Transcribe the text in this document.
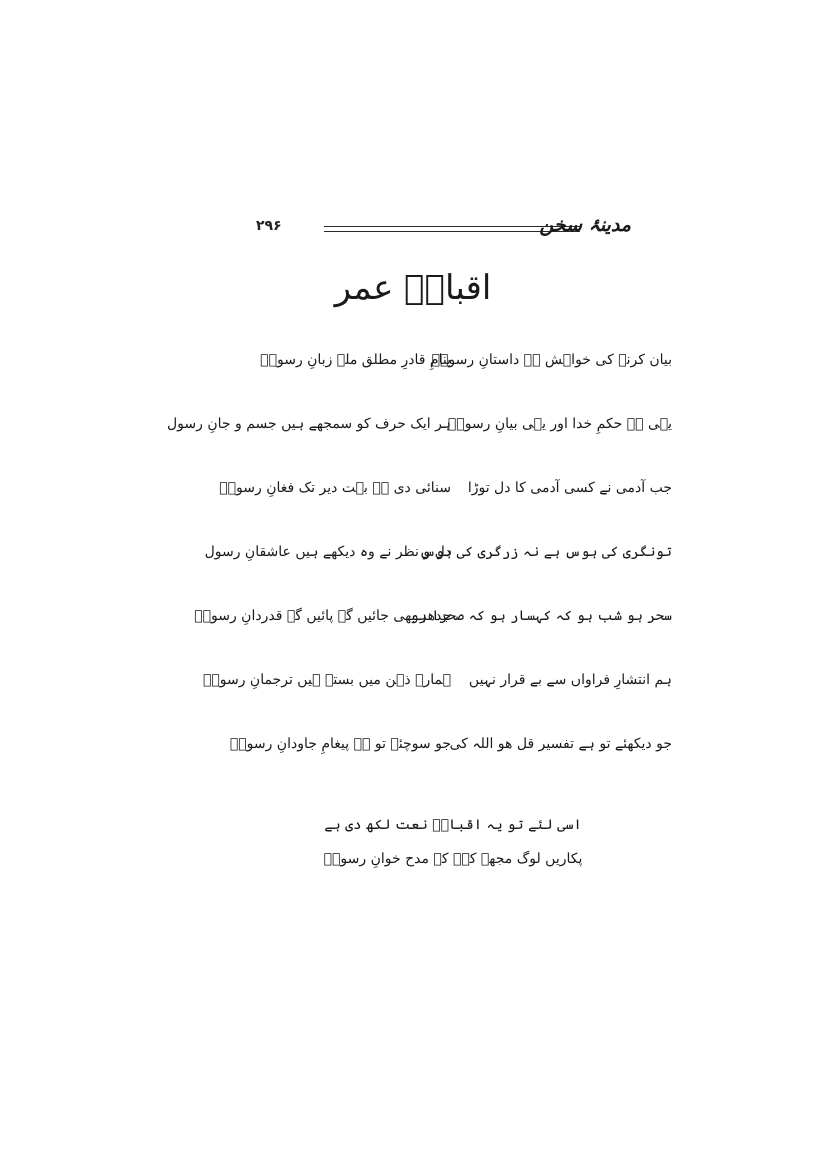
۲۹۶	مدینۂ سخن
اقبالؔ عمر
بیان کرنے کی خواہش ہے داستانِ رسولؐ
بنامِ قادرِ مطلق ملے زبانِ رسولؐ
یہی ہے حکمِ خدا اور یہی بیانِ رسولؐ
ہر ایک حرف کو سمجھے ہیں جسم و جانِ رسول
جب آدمی نے کسی آدمی کا دل توڑا
سنائی دی ہے بہت دیر تک فغانِ رسولؐ
تونگری کی ہوس ہے نہ زرگری کی ہوس
دل و نظر نے وہ دیکھے ہیں عاشقانِ رسول
سحر ہو شب ہو کہ کہسار ہو کہ صحرا ہو
جدھر بھی جائیں گے پائیں گے قدردانِ رسولؐ
ہم انتشارِ فراواں سے بے قرار نہیں
ہمارے ذہن میں بستے ہیں ترجمانِ رسولؐ
جو دیکھئے تو ہے تفسیر قل ھو اللہ کی
جو سوچئے تو ہے پیغامِ جاودانِ رسولؐ
اسی لئے تو یہ اقبالؔ نعت لکھ دی ہے
پکاریں لوگ مجھے کہہ کے مدح خوانِ رسولؐ
